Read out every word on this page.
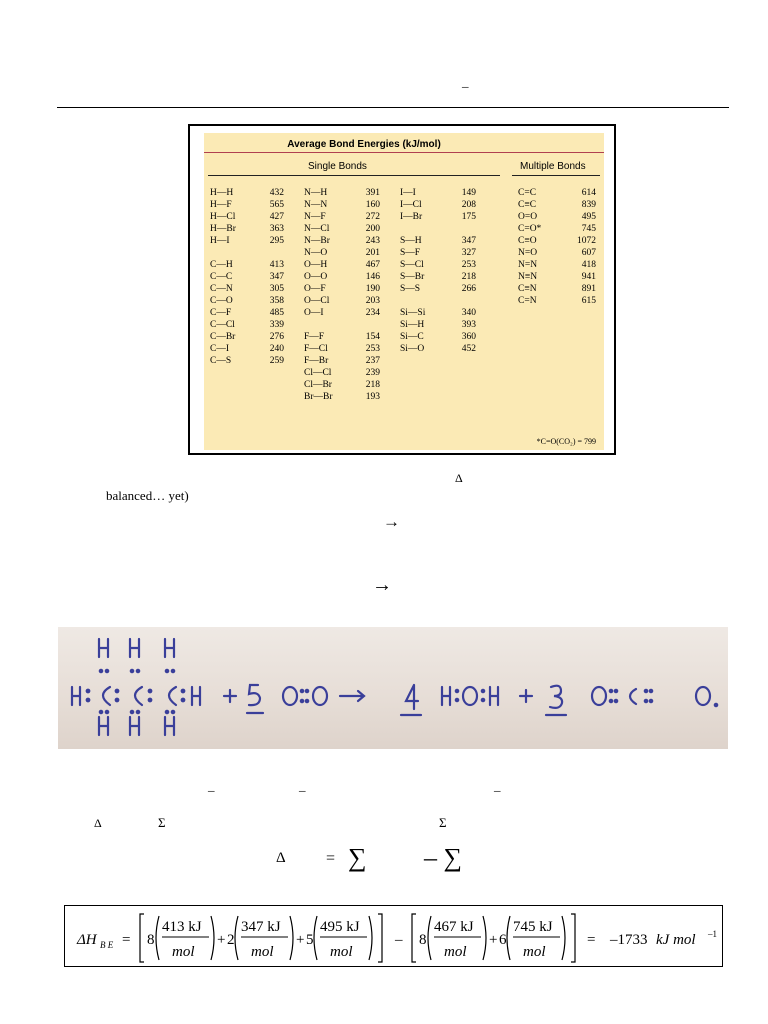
_
Average Bond Energies (kJ/mol)
Single Bonds	Multiple Bonds
H—H	432
H—F	565
H—Cl	427
H—Br	363
H—I	295
C—H	413
C—C	347
C—N	305
C—O	358
C—F	485
C—Cl	339
C—Br	276
C—I	240
C—S	259
N—H	391
N—N	160
N—F	272
N—Cl	200
N—Br	243
N—O	201
O—H	467
O—O	146
O—F	190
O—Cl	203
O—I	234
F—F	154
F—Cl	253
F—Br	237
Cl—Cl	239
Cl—Br	218
Br—Br	193
I—I	149
I—Cl	208
I—Br	175
S—H	347
S—F	327
S—Cl	253
S—Br	218
S—S	266
Si—Si	340
Si—H	393
Si—C	360
Si—O	452
C=C	614
C≡C	839
O=O	495
C=O*	745
C≡O	1072
N=O	607
N=N	418
N≡N	941
C≡N	891
C=N	615
*C=O(CO₂) = 799
Δ
balanced… yet)
→
→
_	_	_
Δ	Σ	Σ
Δ	= ∑ – ∑
ΔH B E = 8
413 kJ
mol
+ 2
347 kJ
mol
+ 5
495 kJ
mol
– 8
467 kJ
mol
+ 6
745 kJ
mol
= –1733 kJ mol –1
